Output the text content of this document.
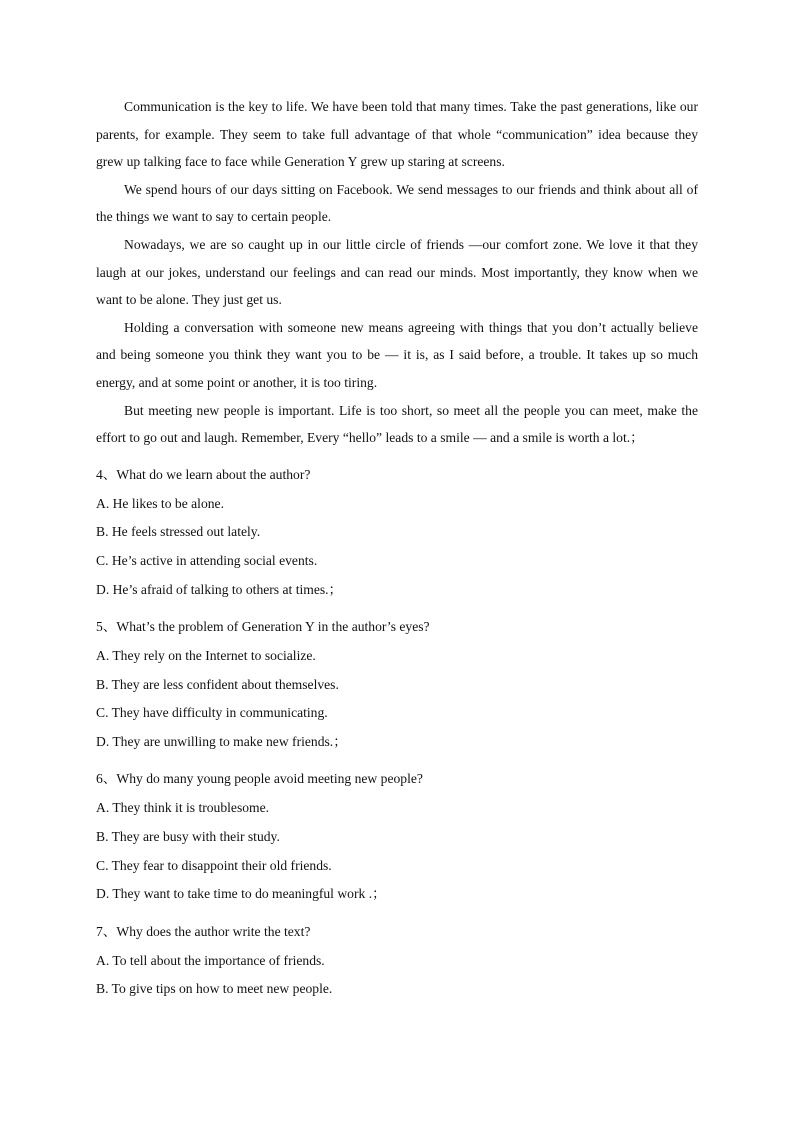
Communication is the key to life. We have been told that many times. Take the past generations, like our parents, for example. They seem to take full advantage of that whole “communication” idea because they grew up talking face to face while Generation Y grew up staring at screens.

We spend hours of our days sitting on Facebook. We send messages to our friends and think about all of the things we want to say to certain people.

Nowadays, we are so caught up in our little circle of friends —our comfort zone. We love it that they laugh at our jokes, understand our feelings and can read our minds. Most importantly, they know when we want to be alone. They just get us.

Holding a conversation with someone new means agreeing with things that you don’t actually believe and being someone you think they want you to be — it is, as I said before, a trouble. It takes up so much energy, and at some point or another, it is too tiring.

But meeting new people is important. Life is too short, so meet all the people you can meet, make the effort to go out and laugh. Remember, Every “hello” leads to a smile — and a smile is worth a lot.；

4、What do we learn about the author?

A. He likes to be alone.

B. He feels stressed out lately.

C. He’s active in attending social events.

D. He’s afraid of talking to others at times.；

5、What’s the problem of Generation Y in the author’s eyes?

A. They rely on the Internet to socialize.

B. They are less confident about themselves.

C. They have difficulty in communicating.

D. They are unwilling to make new friends.；

6、Why do many young people avoid meeting new people?

A. They think it is troublesome.

B. They are busy with their study.

C. They fear to disappoint their old friends.

D. They want to take time to do meaningful work .；

7、Why does the author write the text?

A. To tell about the importance of friends.

B. To give tips on how to meet new people.
